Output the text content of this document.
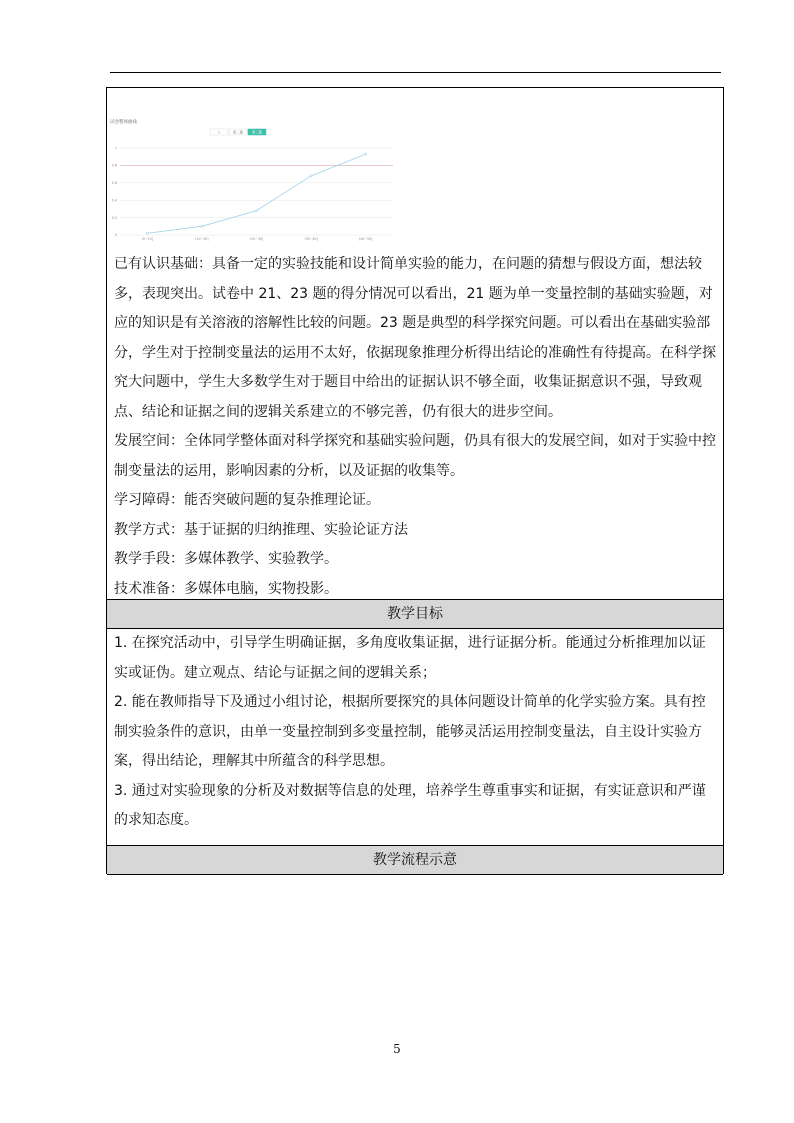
试卷整体曲线
1	第二题	第三题
0
0.2
0.4
0.6
0.8
1
(0~10]	(10~20]	(20~30]	(30~40]	(40~50]

已有认识基础：具备一定的实验技能和设计简单实验的能力，在问题的猜想与假设方面，想法较多，表现突出。试卷中 21、23 题的得分情况可以看出，21 题为单一变量控制的基础实验题，对应的知识是有关溶液的溶解性比较的问题。23 题是典型的科学探究问题。可以看出在基础实验部分，学生对于控制变量法的运用不太好，依据现象推理分析得出结论的准确性有待提高。在科学探究大问题中，学生大多数学生对于题目中给出的证据认识不够全面，收集证据意识不强，导致观点、结论和证据之间的逻辑关系建立的不够完善，仍有很大的进步空间。

发展空间：全体同学整体面对科学探究和基础实验问题，仍具有很大的发展空间，如对于实验中控制变量法的运用，影响因素的分析，以及证据的收集等。

学习障碍：能否突破问题的复杂推理论证。

教学方式：基于证据的归纳推理、实验论证方法

教学手段：多媒体教学、实验教学。

技术准备：多媒体电脑，实物投影。

教学目标

1. 在探究活动中，引导学生明确证据，多角度收集证据，进行证据分析。能通过分析推理加以证实或证伪。建立观点、结论与证据之间的逻辑关系；

2. 能在教师指导下及通过小组讨论，根据所要探究的具体问题设计简单的化学实验方案。具有控制实验条件的意识，由单一变量控制到多变量控制，能够灵活运用控制变量法，自主设计实验方案，得出结论，理解其中所蕴含的科学思想。

3. 通过对实验现象的分析及对数据等信息的处理，培养学生尊重事实和证据，有实证意识和严谨的求知态度。

教学流程示意
5
